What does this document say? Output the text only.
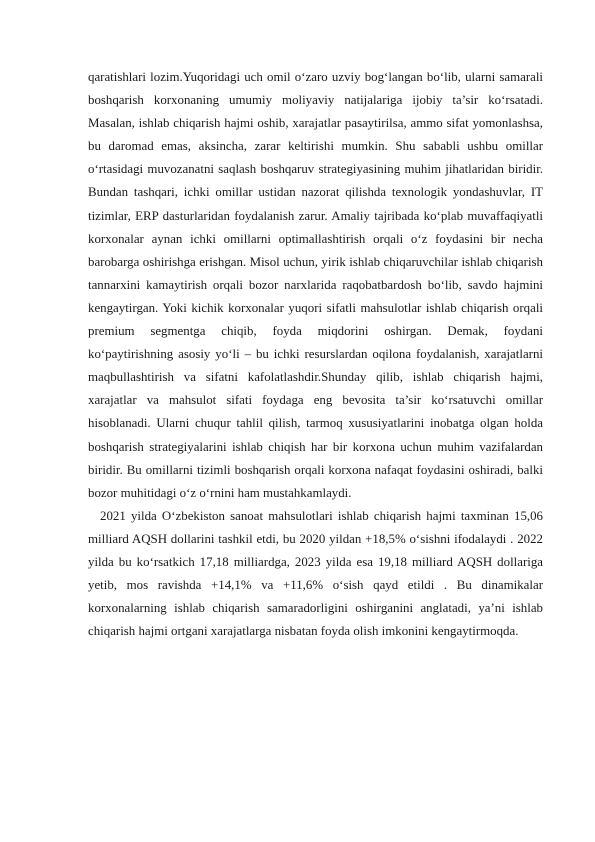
qaratishlari lozim.Yuqoridagi uch omil o‘zaro uzviy bog‘langan bo‘lib, ularni samarali boshqarish korxonaning umumiy moliyaviy natijalariga ijobiy ta’sir ko‘rsatadi. Masalan, ishlab chiqarish hajmi oshib, xarajatlar pasaytirilsa, ammo sifat yomonlashsa, bu daromad emas, aksincha, zarar keltirishi mumkin. Shu sababli ushbu omillar o‘rtasidagi muvozanatni saqlash boshqaruv strategiyasining muhim jihatlaridan biridir. Bundan tashqari, ichki omillar ustidan nazorat qilishda texnologik yondashuvlar, IT tizimlar, ERP dasturlaridan foydalanish zarur. Amaliy tajribada ko‘plab muvaffaqiyatli korxonalar aynan ichki omillarni optimallashtirish orqali o‘z foydasini bir necha barobarga oshirishga erishgan. Misol uchun, yirik ishlab chiqaruvchilar ishlab chiqarish tannarxini kamaytirish orqali bozor narxlarida raqobatbardosh bo‘lib, savdo hajmini kengaytirgan. Yoki kichik korxonalar yuqori sifatli mahsulotlar ishlab chiqarish orqali premium segmentga chiqib, foyda miqdorini oshirgan. Demak, foydani ko‘paytirishning asosiy yo‘li – bu ichki resurslardan oqilona foydalanish, xarajatlarni maqbullashtirish va sifatni kafolatlashdir.Shunday qilib, ishlab chiqarish hajmi, xarajatlar va mahsulot sifati foydaga eng bevosita ta’sir ko‘rsatuvchi omillar hisoblanadi. Ularni chuqur tahlil qilish, tarmoq xususiyatlarini inobatga olgan holda boshqarish strategiyalarini ishlab chiqish har bir korxona uchun muhim vazifalardan biridir. Bu omillarni tizimli boshqarish orqali korxona nafaqat foydasini oshiradi, balki bozor muhitidagi o‘z o‘rnini ham mustahkamlaydi.

2021 yilda O‘zbekiston sanoat mahsulotlari ishlab chiqarish hajmi taxminan 15,06 milliard AQSH dollarini tashkil etdi, bu 2020 yildan +18,5% o‘sishni ifodalaydi . 2022 yilda bu ko‘rsatkich 17,18 milliardga, 2023 yilda esa 19,18 milliard AQSH dollariga yetib, mos ravishda +14,1% va +11,6% o‘sish qayd etildi . Bu dinamikalar korxonalarning ishlab chiqarish samaradorligini oshirganini anglatadi, ya’ni ishlab chiqarish hajmi ortgani xarajatlarga nisbatan foyda olish imkonini kengaytirmoqda.
